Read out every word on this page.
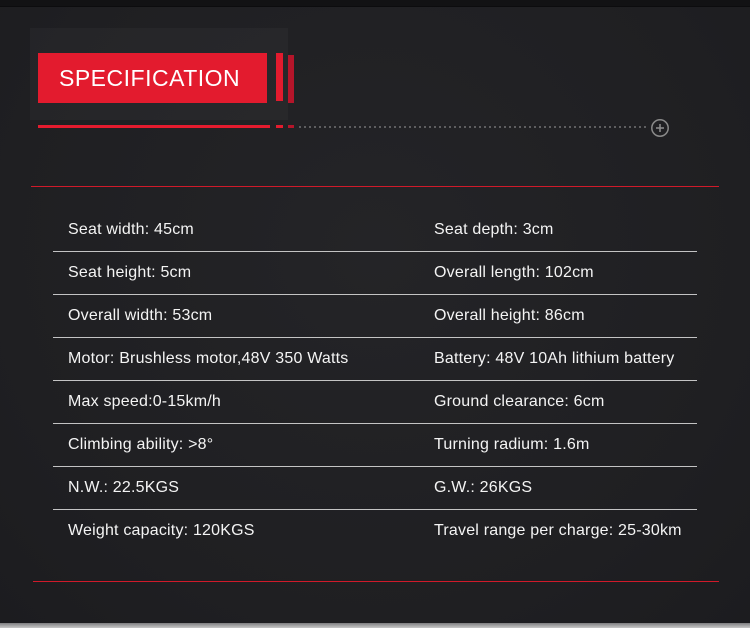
SPECIFICATION
Seat width: 45cm	Seat depth: 3cm
Seat height: 5cm	Overall length: 102cm
Overall width: 53cm	Overall height: 86cm
Motor: Brushless motor,48V 350 Watts	Battery: 48V 10Ah lithium battery
Max speed:0-15km/h	Ground clearance: 6cm
Climbing ability: >8°	Turning radium: 1.6m
N.W.: 22.5KGS	G.W.: 26KGS
Weight capacity: 120KGS	Travel range per charge: 25-30km
